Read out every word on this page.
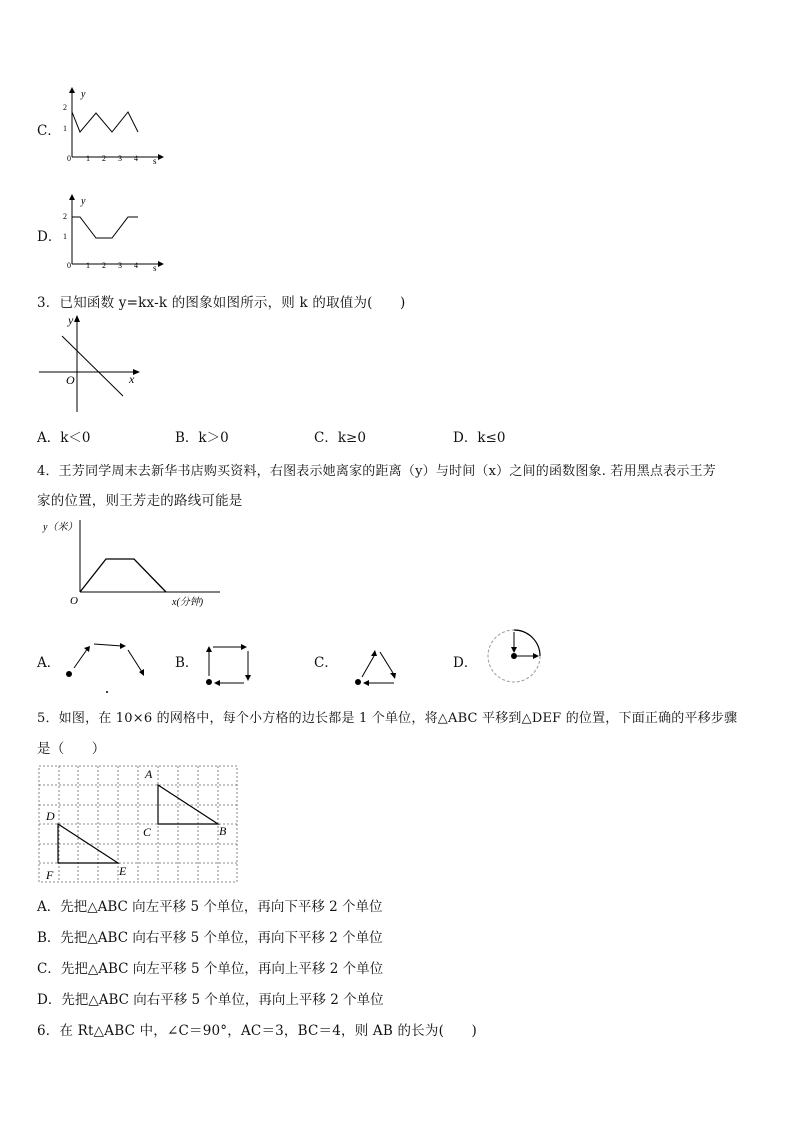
C．
y
s
2
1
0 1 2 3 4
D．
y
s
2
1
0 1 2 3 4
3．已知函数 y=kx-k 的图象如图所示，则 k 的取值为(　　)
y
x
O
A．k＜0	B．k＞0	C．k≥0	D．k≤0
4．王芳同学周末去新华书店购买资料，右图表示她离家的距离（y）与时间（x）之间的函数图象. 若用黑点表示王芳
家的位置，则王芳走的路线可能是
y（米）
x(分钟)
O
A．	B．	C．	D．
5．如图，在 10×6 的网格中，每个小方格的边长都是 1 个单位，将△ABC 平移到△DEF 的位置，下面正确的平移步骤
是（　　）
A
B
C
D
E
F
A．先把△ABC 向左平移 5 个单位，再向下平移 2 个单位
B．先把△ABC 向右平移 5 个单位，再向下平移 2 个单位
C．先把△ABC 向左平移 5 个单位，再向上平移 2 个单位
D．先把△ABC 向右平移 5 个单位，再向上平移 2 个单位
6．在 Rt△ABC 中，∠C＝90°，AC＝3，BC＝4，则 AB 的长为(　　)
